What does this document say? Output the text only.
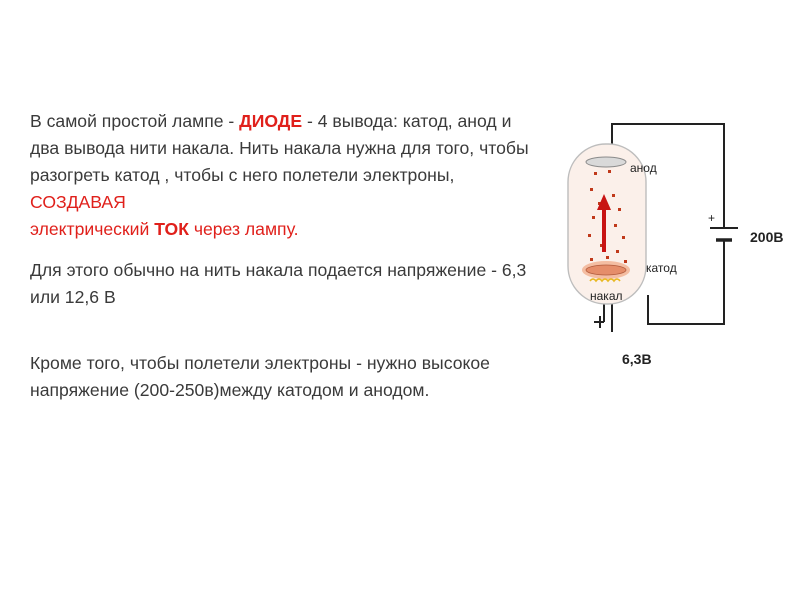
В самой простой лампе - ДИОДЕ - 4 вывода: катод, анод и два вывода нити накала. Нить накала нужна для того, чтобы разогреть катод , чтобы с него полетели электроны, СОЗДАВАЯ
электрический ТОК через лампу.

Для этого обычно на нить накала подается напряжение - 6,3 или 12,6 В

Кроме того, чтобы полетели электроны - нужно высокое напряжение (200-250в)между катодом и анодом.

+
200В
6,3В
анод
катод
накал
